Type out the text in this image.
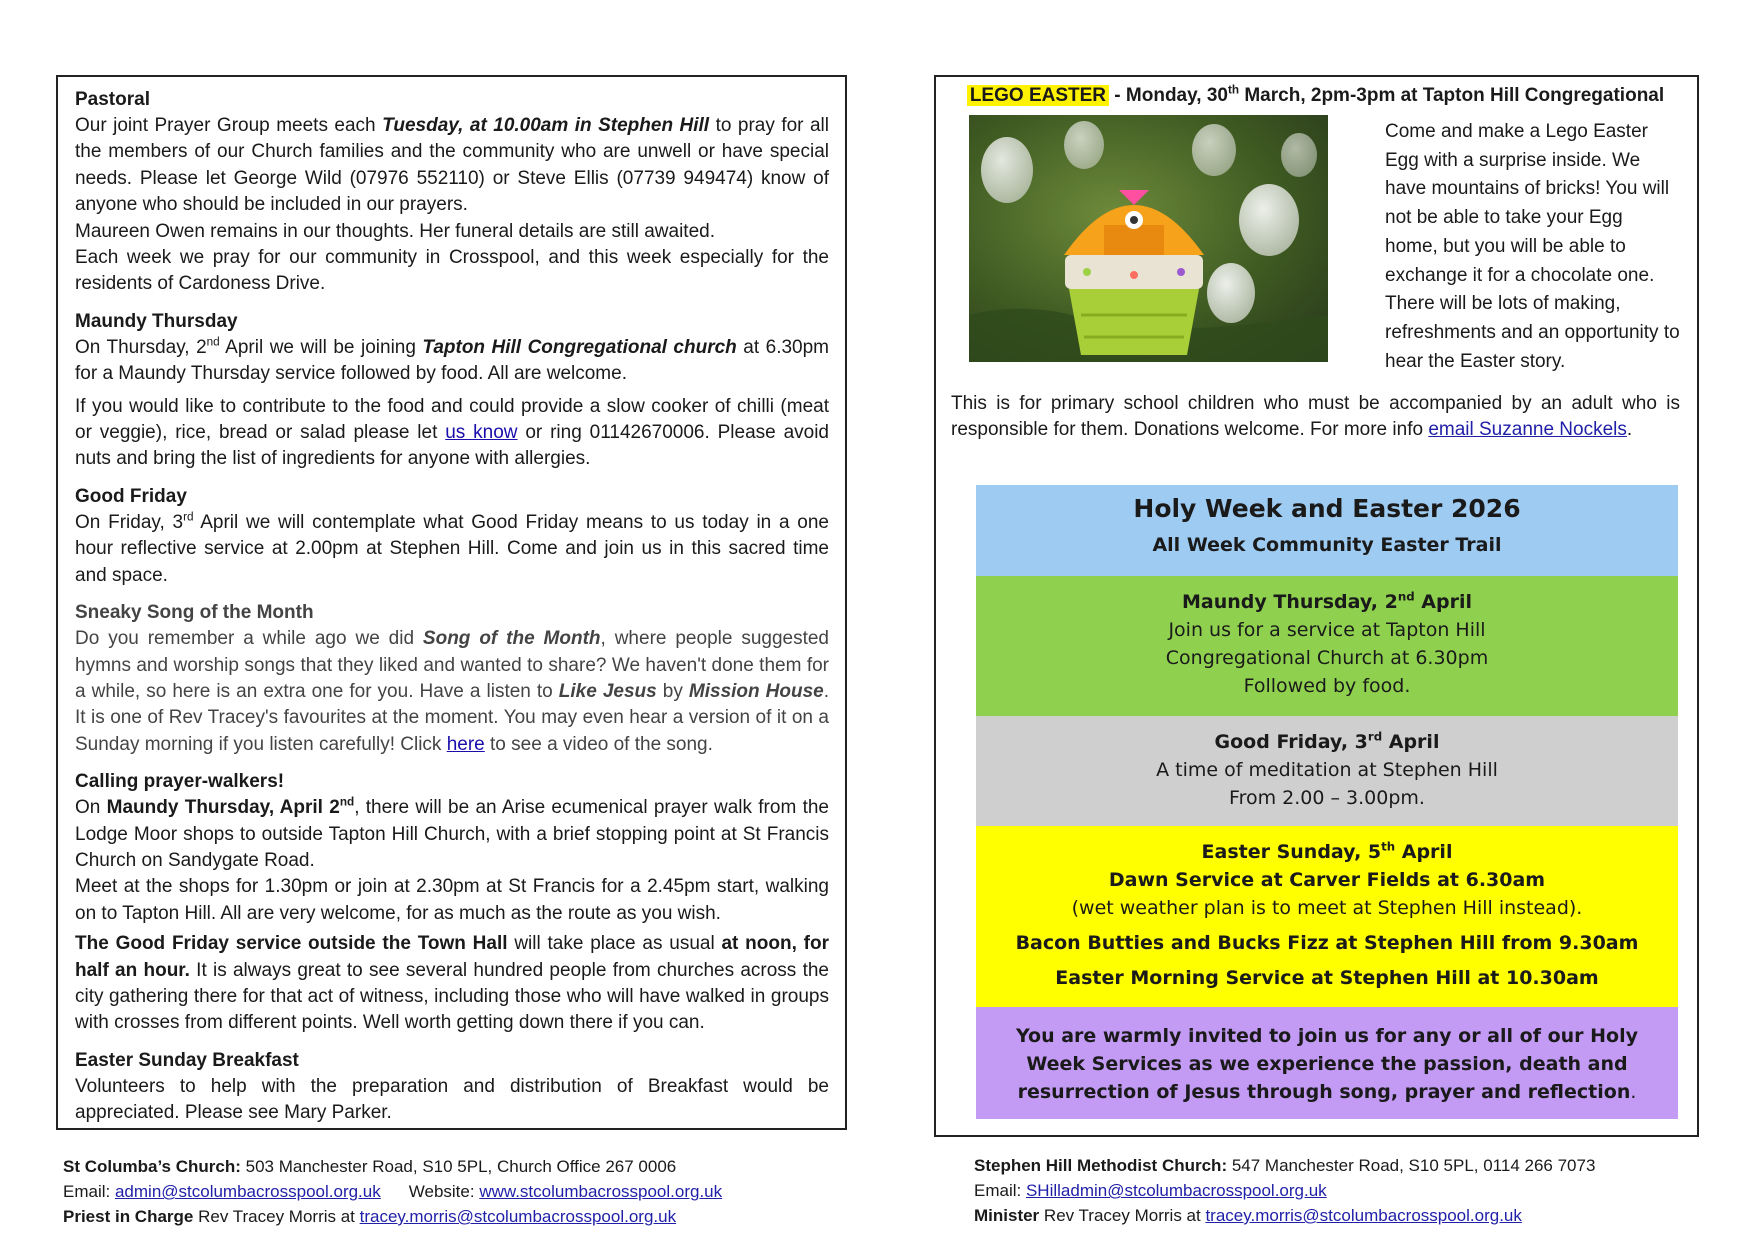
Pastoral

Our joint Prayer Group meets each Tuesday, at 10.00am in Stephen Hill to pray for all the members of our Church families and the community who are unwell or have special needs. Please let George Wild (07976 552110) or Steve Ellis (07739 949474) know of anyone who should be included in our prayers.

Maureen Owen remains in our thoughts. Her funeral details are still awaited.

Each week we pray for our community in Crosspool, and this week especially for the residents of Cardoness Drive.

Maundy Thursday

On Thursday, 2nd April we will be joining Tapton Hill Congregational church at 6.30pm for a Maundy Thursday service followed by food. All are welcome.

If you would like to contribute to the food and could provide a slow cooker of chilli (meat or veggie), rice, bread or salad please let us know or ring 01142670006. Please avoid nuts and bring the list of ingredients for anyone with allergies.

Good Friday

On Friday, 3rd April we will contemplate what Good Friday means to us today in a one hour reflective service at 2.00pm at Stephen Hill. Come and join us in this sacred time and space.

Sneaky Song of the Month

Do you remember a while ago we did Song of the Month, where people suggested hymns and worship songs that they liked and wanted to share? We haven't done them for a while, so here is an extra one for you. Have a listen to Like Jesus by Mission House. It is one of Rev Tracey's favourites at the moment. You may even hear a version of it on a Sunday morning if you listen carefully! Click here to see a video of the song.

Calling prayer-walkers!

On Maundy Thursday, April 2nd, there will be an Arise ecumenical prayer walk from the Lodge Moor shops to outside Tapton Hill Church, with a brief stopping point at St Francis Church on Sandygate Road.

Meet at the shops for 1.30pm or join at 2.30pm at St Francis for a 2.45pm start, walking on to Tapton Hill. All are very welcome, for as much as the route as you wish.

The Good Friday service outside the Town Hall will take place as usual at noon, for half an hour. It is always great to see several hundred people from churches across the city gathering there for that act of witness, including those who will have walked in groups with crosses from different points. Well worth getting down there if you can.

Easter Sunday Breakfast

Volunteers to help with the preparation and distribution of Breakfast would be appreciated. Please see Mary Parker.

LEGO EASTER - Monday, 30th March, 2pm-3pm at Tapton Hill Congregational
Come and make a Lego Easter Egg with a surprise inside. We have mountains of bricks! You will not be able to take your Egg home, but you will be able to exchange it for a chocolate one. There will be lots of making, refreshments and an opportunity to hear the Easter story.
This is for primary school children who must be accompanied by an adult who is responsible for them. Donations welcome. For more info email Suzanne Nockels.
Holy Week and Easter 2026
All Week Community Easter Trail
Maundy Thursday, 2nd April
Join us for a service at Tapton Hill
Congregational Church at 6.30pm
Followed by food.
Good Friday, 3rd April
A time of meditation at Stephen Hill
From 2.00 – 3.00pm.
Easter Sunday, 5th April
Dawn Service at Carver Fields at 6.30am
(wet weather plan is to meet at Stephen Hill instead).
Bacon Butties and Bucks Fizz at Stephen Hill from 9.30am
Easter Morning Service at Stephen Hill at 10.30am
You are warmly invited to join us for any or all of our Holy Week Services as we experience the passion, death and resurrection of Jesus through song, prayer and reflection.
St Columba’s Church: 503 Manchester Road, S10 5PL, Church Office 267 0006
Email: admin@stcolumbacrosspool.org.uk Website: www.stcolumbacrosspool.org.uk
Priest in Charge Rev Tracey Morris at tracey.morris@stcolumbacrosspool.org.uk
Stephen Hill Methodist Church: 547 Manchester Road, S10 5PL, 0114 266 7073
Email: SHilladmin@stcolumbacrosspool.org.uk
Minister Rev Tracey Morris at tracey.morris@stcolumbacrosspool.org.uk
